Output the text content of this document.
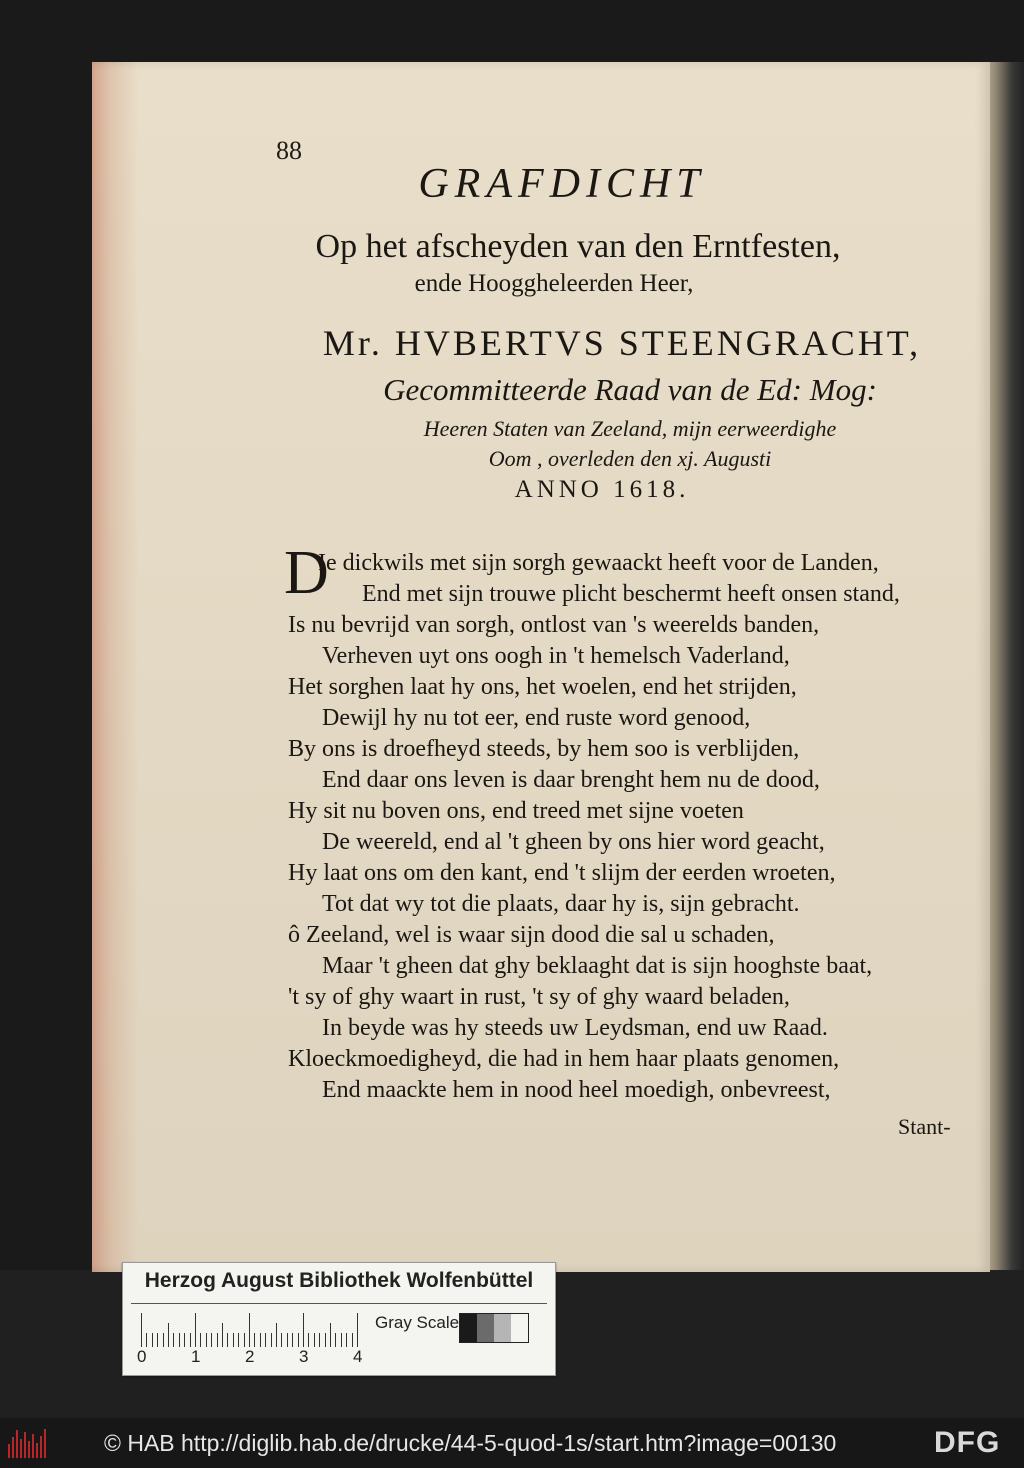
88
GRAFDICHT
Op het afscheyden van den Erntfesten,
ende Hooggheleerden Heer,
Mr. HVBERTVS STEENGRACHT,
Gecommitteerde Raad van de Ed: Mog:
Heeren Staten van Zeeland, mijn eerweerdighe
Oom , overleden den xj. Augusti
ANNO 1618.
D
Ie dickwils met sijn sorgh gewaackt heeft voor de Landen,
End met sijn trouwe plicht beschermt heeft onsen stand,
Is nu bevrijd van sorgh, ontlost van 's weerelds banden,
Verheven uyt ons oogh in 't hemelsch Vaderland,
Het sorghen laat hy ons, het woelen, end het strijden,
Dewijl hy nu tot eer, end ruste word genood,
By ons is droefheyd steeds, by hem soo is verblijden,
End daar ons leven is daar brenght hem nu de dood,
Hy sit nu boven ons, end treed met sijne voeten
De weereld, end al 't gheen by ons hier word geacht,
Hy laat ons om den kant, end 't slijm der eerden wroeten,
Tot dat wy tot die plaats, daar hy is, sijn gebracht.
ô Zeeland, wel is waar sijn dood die sal u schaden,
Maar 't gheen dat ghy beklaaght dat is sijn hooghste baat,
't sy of ghy waart in rust, 't sy of ghy waard beladen,
In beyde was hy steeds uw Leydsman, end uw Raad.
Kloeckmoedigheyd, die had in hem haar plaats genomen,
End maackte hem in nood heel moedigh, onbevreest,
Stant-
Herzog August Bibliothek Wolfenbüttel
0	1	2	3	4
Gray Scale
© HAB http://diglib.hab.de/drucke/44-5-quod-1s/start.htm?image=00130	DFG
